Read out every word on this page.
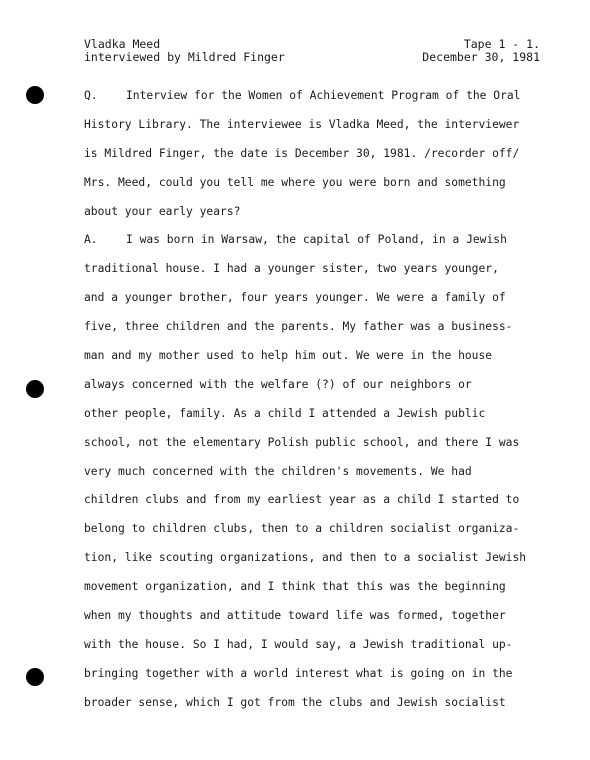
Vladka Meed
interviewed by Mildred Finger
Tape 1 - 1.
December 30, 1981
Q.	Interview for the Women of Achievement Program of the Oral
History Library. The interviewee is Vladka Meed, the interviewer
is Mildred Finger, the date is December 30, 1981. /recorder off/
Mrs. Meed, could you tell me where you were born and something
about your early years?
A.	I was born in Warsaw, the capital of Poland, in a Jewish
traditional house. I had a younger sister, two years younger,
and a younger brother, four years younger. We were a family of
five, three children and the parents. My father was a business-
man and my mother used to help him out. We were in the house
always concerned with the welfare (?) of our neighbors or
other people, family. As a child I attended a Jewish public
school, not the elementary Polish public school, and there I was
very much concerned with the children's movements. We had
children clubs and from my earliest year as a child I started to
belong to children clubs, then to a children socialist organiza-
tion, like scouting organizations, and then to a socialist Jewish
movement organization, and I think that this was the beginning
when my thoughts and attitude toward life was formed, together
with the house. So I had, I would say, a Jewish traditional up-
bringing together with a world interest what is going on in the
broader sense, which I got from the clubs and Jewish socialist
